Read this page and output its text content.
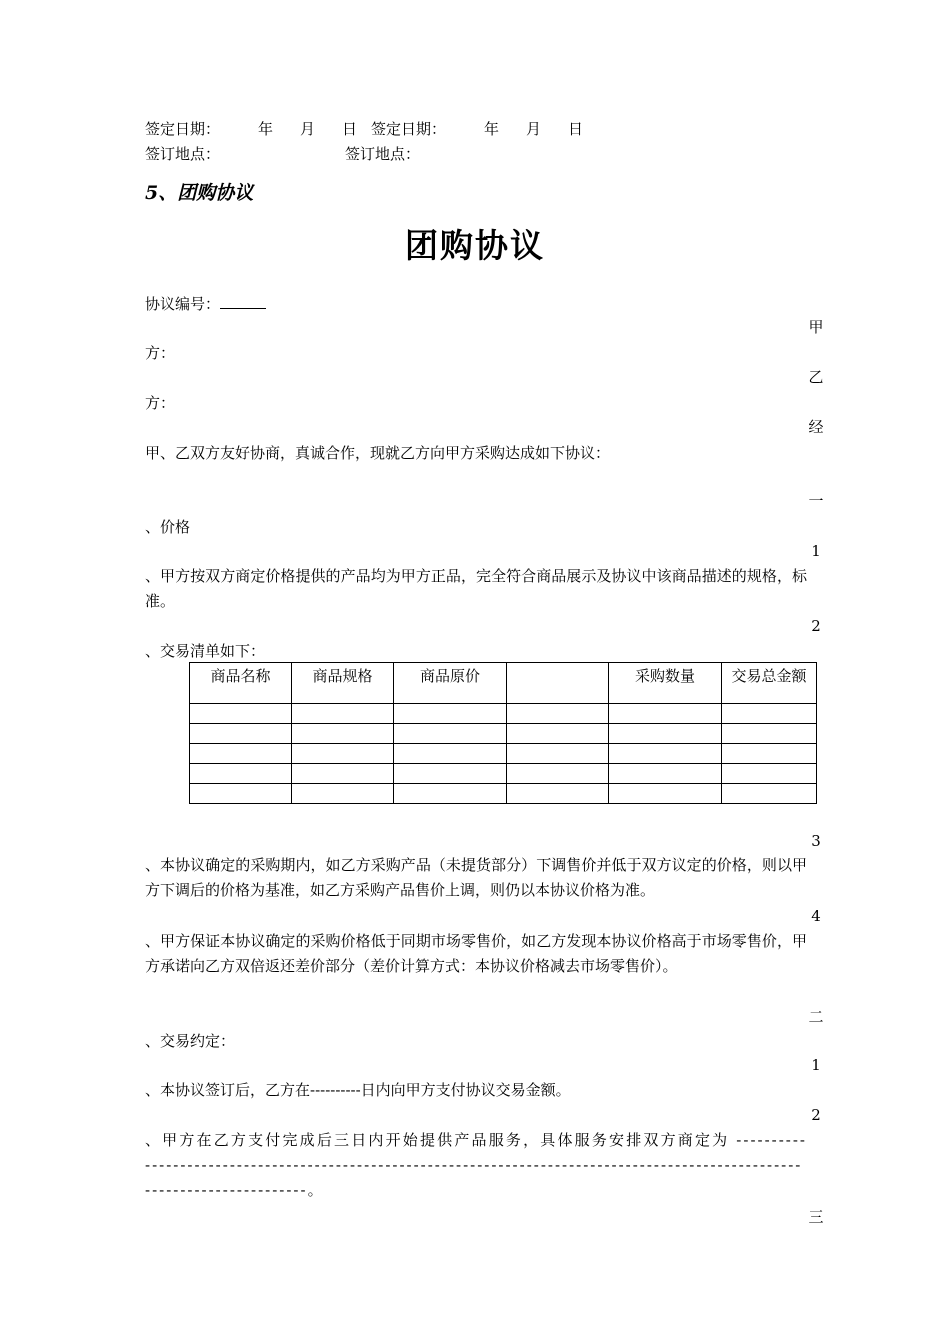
签定日期：	年 月 日 签定日期：	年 月 日
签订地点：	签订地点：
5、团购协议
团购协议
协议编号：
甲
方：
乙
方：
经
甲、乙双方友好协商，真诚合作，现就乙方向甲方采购达成如下协议：
一
、价格
1
、甲方按双方商定价格提供的产品均为甲方正品，完全符合商品展示及协议中该商品描述的规格，标准。
2
、交易清单如下：
商品名称	商品规格	商品原价		采购数量	交易总金额

3
、本协议确定的采购期内，如乙方采购产品（未提货部分）下调售价并低于双方议定的价格，则以甲方下调后的价格为基准，如乙方采购产品售价上调，则仍以本协议价格为准。
4
、甲方保证本协议确定的采购价格低于同期市场零售价，如乙方发现本协议价格高于市场零售价，甲方承诺向乙方双倍返还差价部分（差价计算方式：本协议价格减去市场零售价）。
二
、交易约定：
1
、本协议签订后，乙方在----------日内向甲方支付协议交易金额。
2
、甲方在乙方支付完成后三日内开始提供产品服务，具体服务安排双方商定为 ------------------------------------------------------------------------------------------------------------------------------。
三
